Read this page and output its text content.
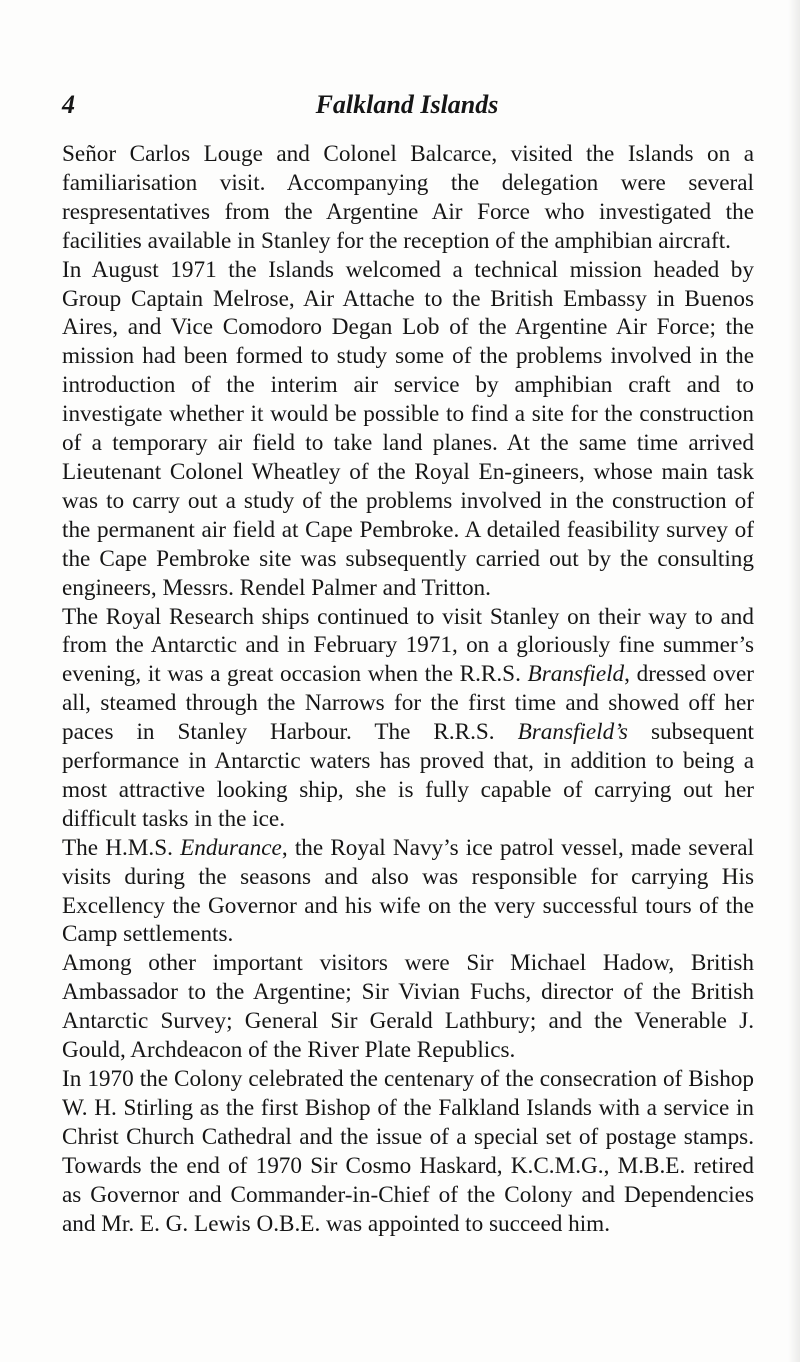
4	Falkland Islands

Señor Carlos Louge and Colonel Balcarce, visited the Islands on a familiarisation visit. Accompanying the delegation were several respresentatives from the Argentine Air Force who investigated the facilities available in Stanley for the reception of the amphibian aircraft.

In August 1971 the Islands welcomed a technical mission headed by Group Captain Melrose, Air Attache to the British Embassy in Buenos Aires, and Vice Comodoro Degan Lob of the Argentine Air Force; the mission had been formed to study some of the problems involved in the introduction of the interim air service by amphibian craft and to investigate whether it would be possible to find a site for the construction of a temporary air field to take land planes. At the same time arrived Lieutenant Colonel Wheatley of the Royal En-gineers, whose main task was to carry out a study of the problems involved in the construction of the permanent air field at Cape Pembroke. A detailed feasibility survey of the Cape Pembroke site was subsequently carried out by the consulting engineers, Messrs. Rendel Palmer and Tritton.

The Royal Research ships continued to visit Stanley on their way to and from the Antarctic and in February 1971, on a gloriously fine summer’s evening, it was a great occasion when the R.R.S. Bransfield, dressed over all, steamed through the Narrows for the first time and showed off her paces in Stanley Harbour. The R.R.S. Bransfield’s subsequent performance in Antarctic waters has proved that, in addition to being a most attractive looking ship, she is fully capable of carrying out her difficult tasks in the ice.

The H.M.S. Endurance, the Royal Navy’s ice patrol vessel, made several visits during the seasons and also was responsible for carrying His Excellency the Governor and his wife on the very successful tours of the Camp settlements.

Among other important visitors were Sir Michael Hadow, British Ambassador to the Argentine; Sir Vivian Fuchs, director of the British Antarctic Survey; General Sir Gerald Lathbury; and the Venerable J. Gould, Archdeacon of the River Plate Republics.

In 1970 the Colony celebrated the centenary of the consecration of Bishop W. H. Stirling as the first Bishop of the Falkland Islands with a service in Christ Church Cathedral and the issue of a special set of postage stamps. Towards the end of 1970 Sir Cosmo Haskard, K.C.M.G., M.B.E. retired as Governor and Commander-in-Chief of the Colony and Dependencies and Mr. E. G. Lewis O.B.E. was appointed to succeed him.
